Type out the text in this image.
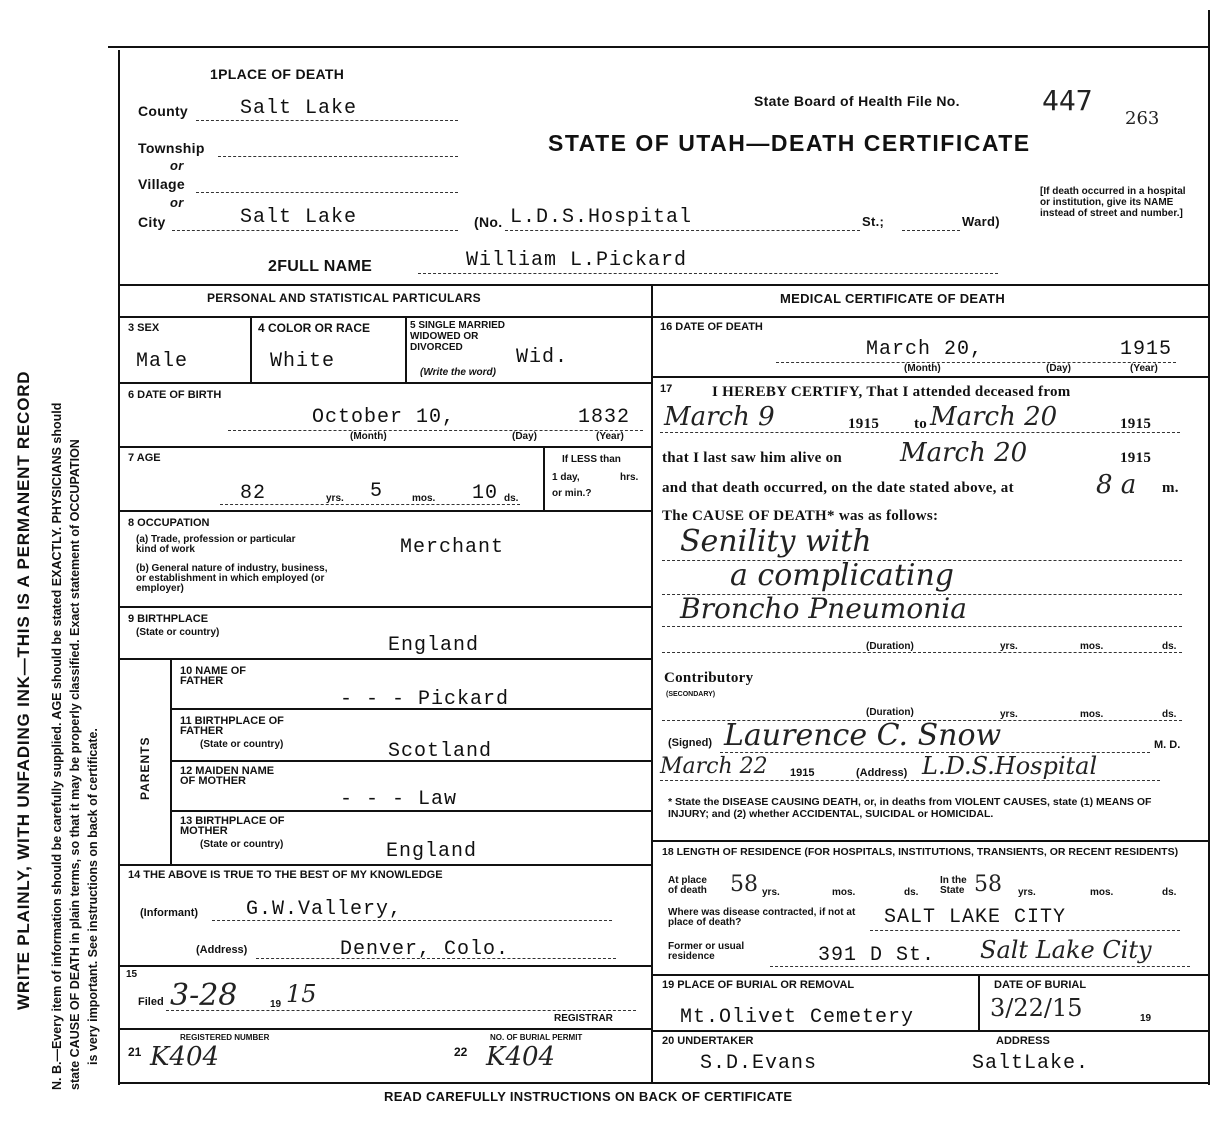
WRITE PLAINLY, WITH UNFADING INK—THIS IS A PERMANENT RECORD N. B.—Every item of information should be carefully supplied. AGE should be stated EXACTLY. PHYSICIANS should state CAUSE OF DEATH in plain terms, so that it may be properly classified. Exact statement of OCCUPATION is very important. See instructions on back of certificate.
1PLACE OF DEATH
County	Salt Lake
Township
or
Village
or
City	Salt Lake	(No. L.D.S.Hospital	St.;	Ward)
State Board of Health File No.	447
263
STATE OF UTAH—DEATH CERTIFICATE
[If death occurred in a hospital or institution, give its NAME instead of street and number.]
2FULL NAME	William L.Pickard
PERSONAL AND STATISTICAL PARTICULARS	MEDICAL CERTIFICATE OF DEATH
3 SEX
Male
4 COLOR OR RACE
White
5 SINGLE MARRIED WIDOWED OR DIVORCED
(Write the word)
Wid.
6 DATE OF BIRTH
October 10,	1832
(Month)	(Day)	(Year)
7 AGE
82	yrs. 5	mos. 10 ds.
If LESS than
1 day,	hrs.
or min.?
8 OCCUPATION
(a) Trade, profession or particular kind of work
(b) General nature of industry, business, or establishment in which employed (or employer)
Merchant
9 BIRTHPLACE
(State or country)
England
PARENTS
10 NAME OF FATHER
- - - Pickard
11 BIRTHPLACE OF FATHER
(State or country)	Scotland
12 MAIDEN NAME OF MOTHER
- - - Law
13 BIRTHPLACE OF MOTHER
(State or country)	England
14 THE ABOVE IS TRUE TO THE BEST OF MY KNOWLEDGE
(Informant) G.W.Vallery,
(Address)	Denver, Colo.
15
Filed 3-28	19 15
REGISTRAR
REGISTERED NUMBER
21 K404
NO. OF BURIAL PERMIT
22 K404
16 DATE OF DEATH
March 20,	1915
(Month)	(Day)	(Year)
17	I HEREBY CERTIFY, That I attended deceased from
March 9	1915 to March 20	1915
that I last saw him alive on March 20	1915
and that death occurred, on the date stated above, at	8 a m.
The CAUSE OF DEATH* was as follows:
Senility with
a complicating
Broncho Pneumonia
(Duration)	yrs.	mos.	ds.
Contributory
(SECONDARY)
(Duration)	yrs.	mos.	ds.
(Signed) Laurence C. Snow	M. D.
March 22 1915	(Address) L.D.S.Hospital
* State the DISEASE CAUSING DEATH, or, in deaths from VIOLENT CAUSES, state (1) MEANS OF INJURY; and (2) whether ACCIDENTAL, SUICIDAL or HOMICIDAL.
18 LENGTH OF RESIDENCE (FOR HOSPITALS, INSTITUTIONS, TRANSIENTS, OR RECENT RESIDENTS)
At place of death	58 yrs.	mos.	ds.
In the State 58 yrs.	mos.	ds.
Where was disease contracted, if not at place of death?	SALT LAKE CITY
Former or usual residence	391 D St. Salt Lake City
19 PLACE OF BURIAL OR REMOVAL
Mt.Olivet Cemetery
DATE OF BURIAL
3/22/15	19
20 UNDERTAKER
S.D.Evans
ADDRESS
SaltLake.
READ CAREFULLY INSTRUCTIONS ON BACK OF CERTIFICATE
